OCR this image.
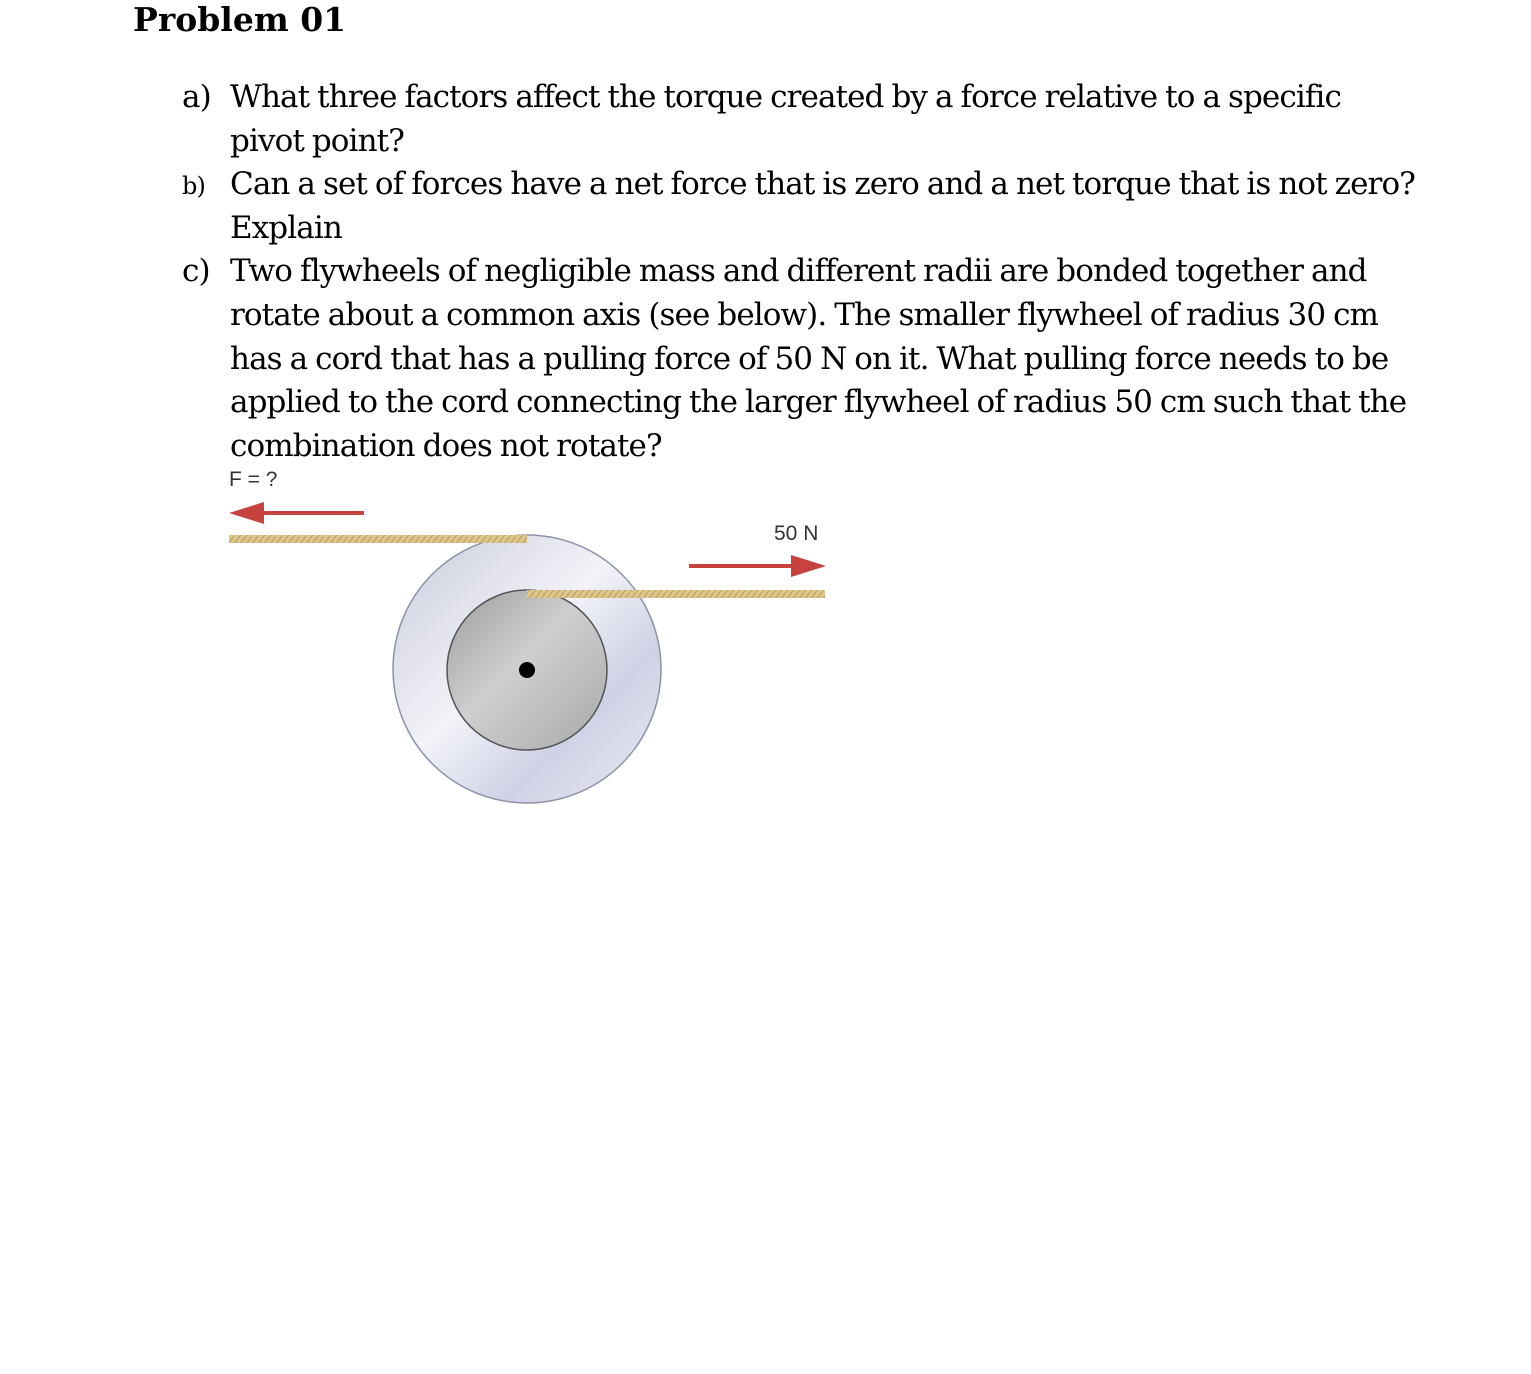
Problem 01
a) What three factors affect the torque created by a force relative to a specific pivot point?
b) Can a set of forces have a net force that is zero and a net torque that is not zero? Explain
c) Two flywheels of negligible mass and different radii are bonded together and rotate about a common axis (see below). The smaller flywheel of radius 30 cm has a cord that has a pulling force of 50 N on it. What pulling force needs to be applied to the cord connecting the larger flywheel of radius 50 cm such that the combination does not rotate?
F = ?
50 N
